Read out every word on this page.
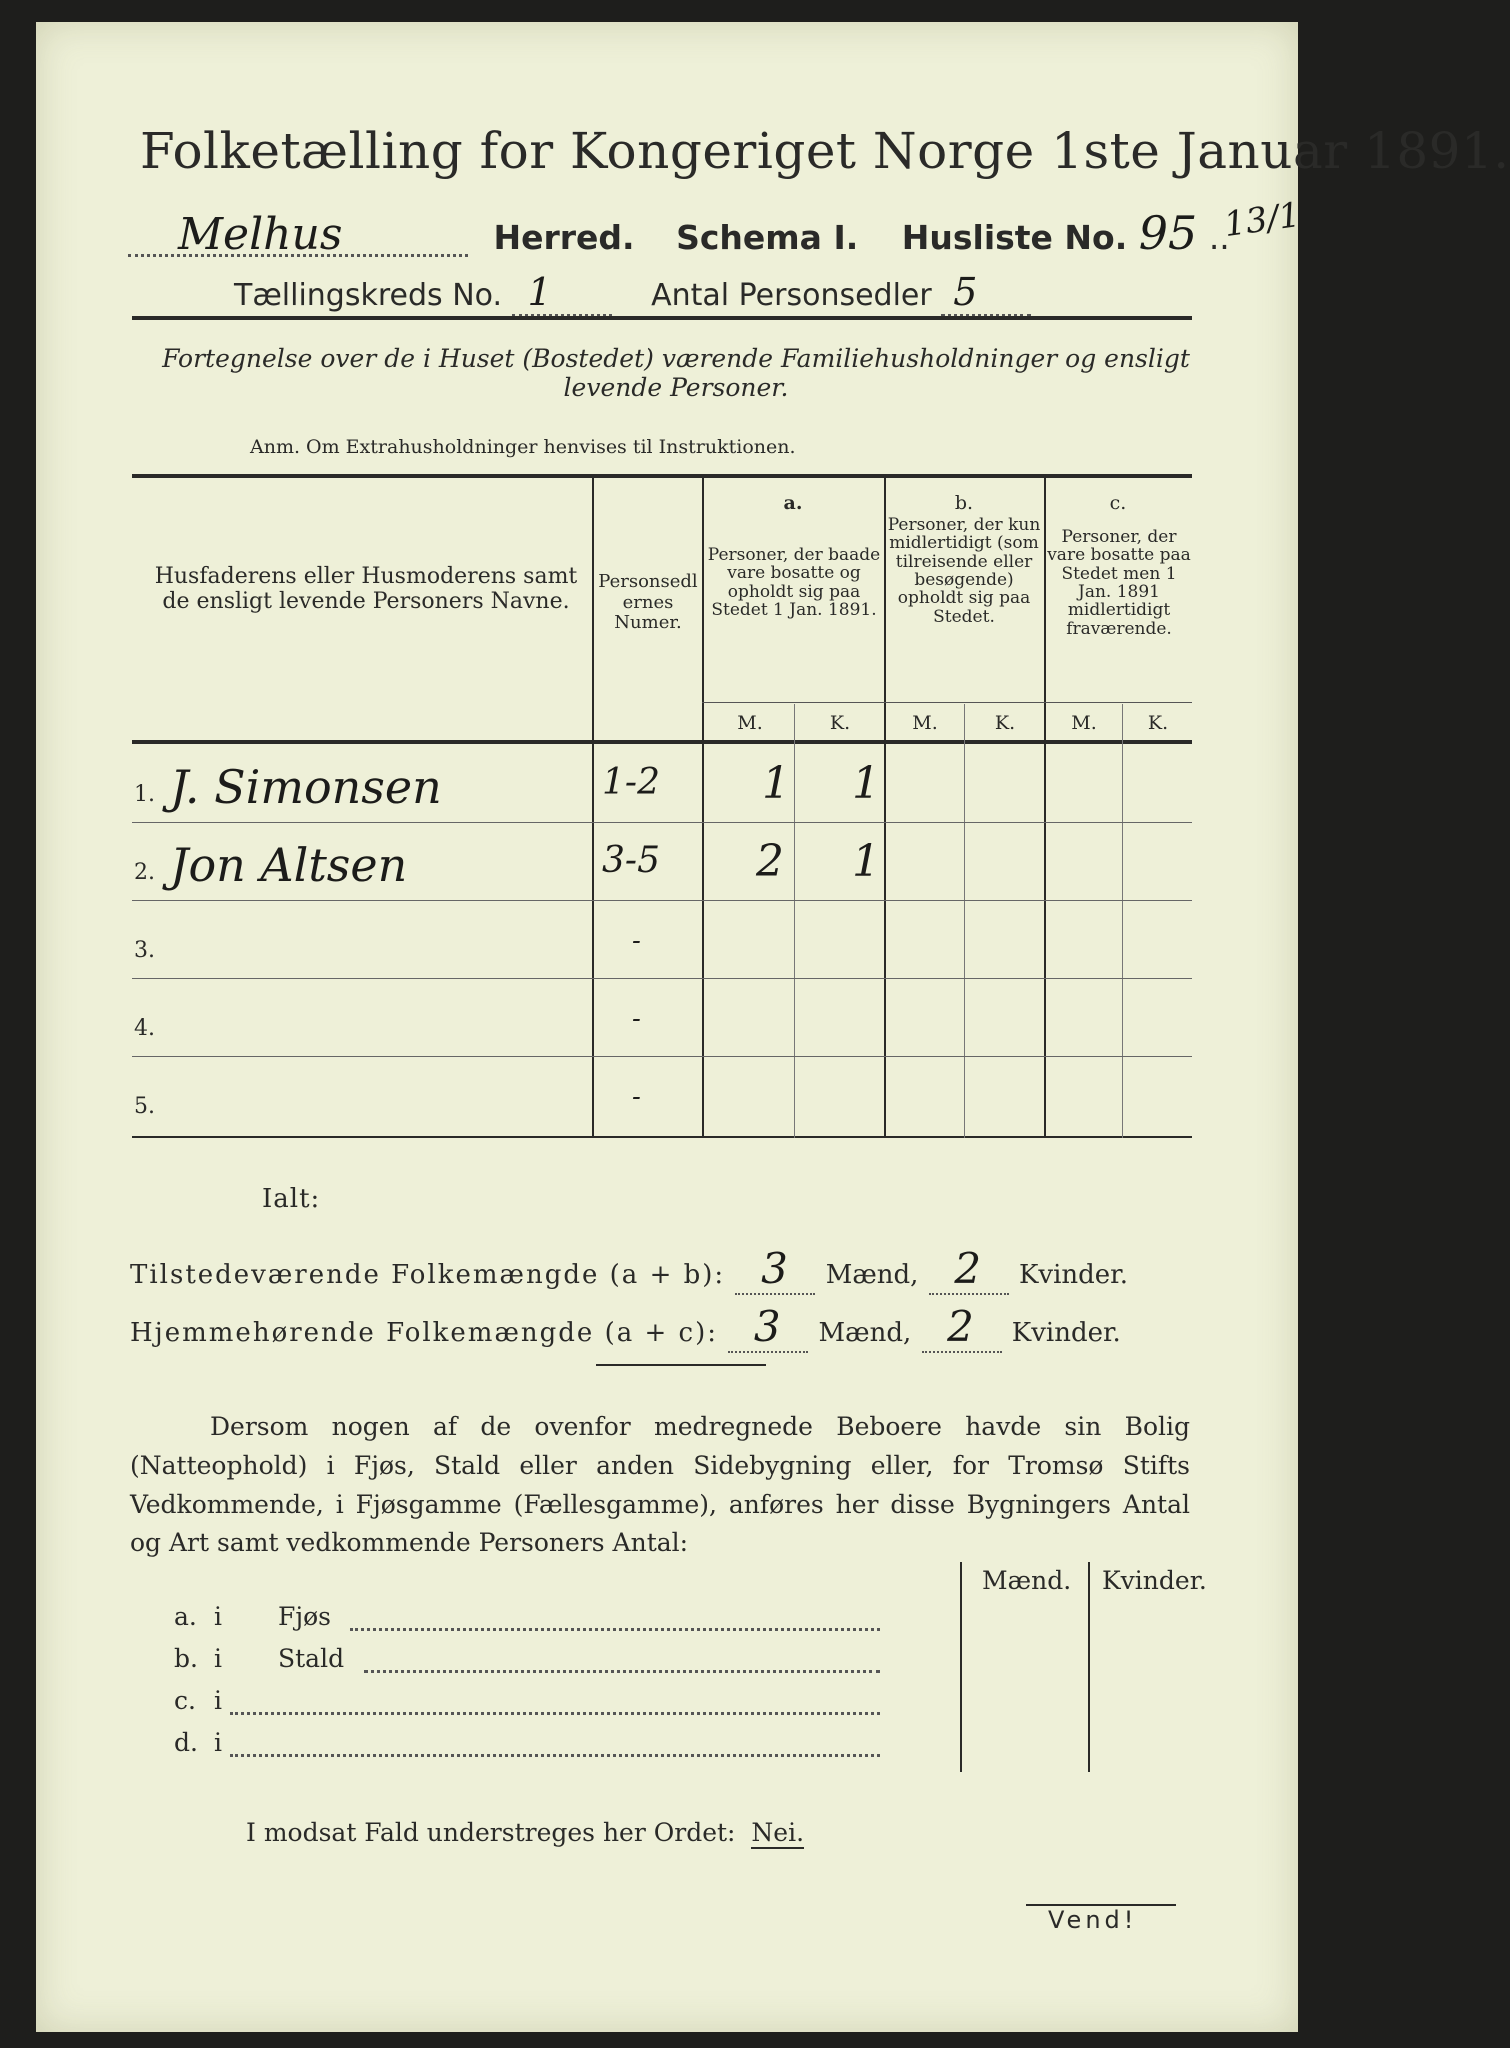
Folketælling for Kongeriget Norge 1ste Januar 1891.
Melhus	Herred. Schema I. Husliste No. 95 ..
13/1
Tællingskreds No. 1	Antal Personsedler 5
Fortegnelse over de i Huset (Bostedet) værende Familiehusholdninger og ensligt levende Personer.
Anm. Om Extrahusholdninger henvises til Instruktionen.
Husfaderens eller Husmoderens samt de ensligt levende Personers Navne.
Personsedlernes Numer.
a.
Personer, der baade vare bosatte og opholdt sig paa Stedet 1 Jan. 1891.
b.
Personer, der kun midlertidigt (som tilreisende eller besøgende) opholdt sig paa Stedet.
c.
Personer, der vare bosatte paa Stedet men 1 Jan. 1891 midlertidigt fraværende.
M.	K.	M.	K.	M.	K.
1. J. Simonsen	1-2 1 1
2. Jon Altsen	3-5 2 1
3.	-
4.	-
5.	-
Ialt:
Tilstedeværende Folkemængde (a + b): 3 Mænd, 2 Kvinder.
Hjemmehørende Folkemængde (a + c): 3 Mænd, 2 Kvinder.
Dersom nogen af de ovenfor medregnede Beboere havde sin Bolig (Natteophold) i Fjøs, Stald eller anden Sidebygning eller, for Tromsø Stifts Vedkommende, i Fjøsgamme (Fællesgamme), anføres her disse Bygningers Antal og Art samt vedkommende Personers Antal:
Mænd. Kvinder.
a. i Fjøs
b. i Stald
c. i
d. i
I modsat Fald understreges her Ordet: Nei.
Vend!
